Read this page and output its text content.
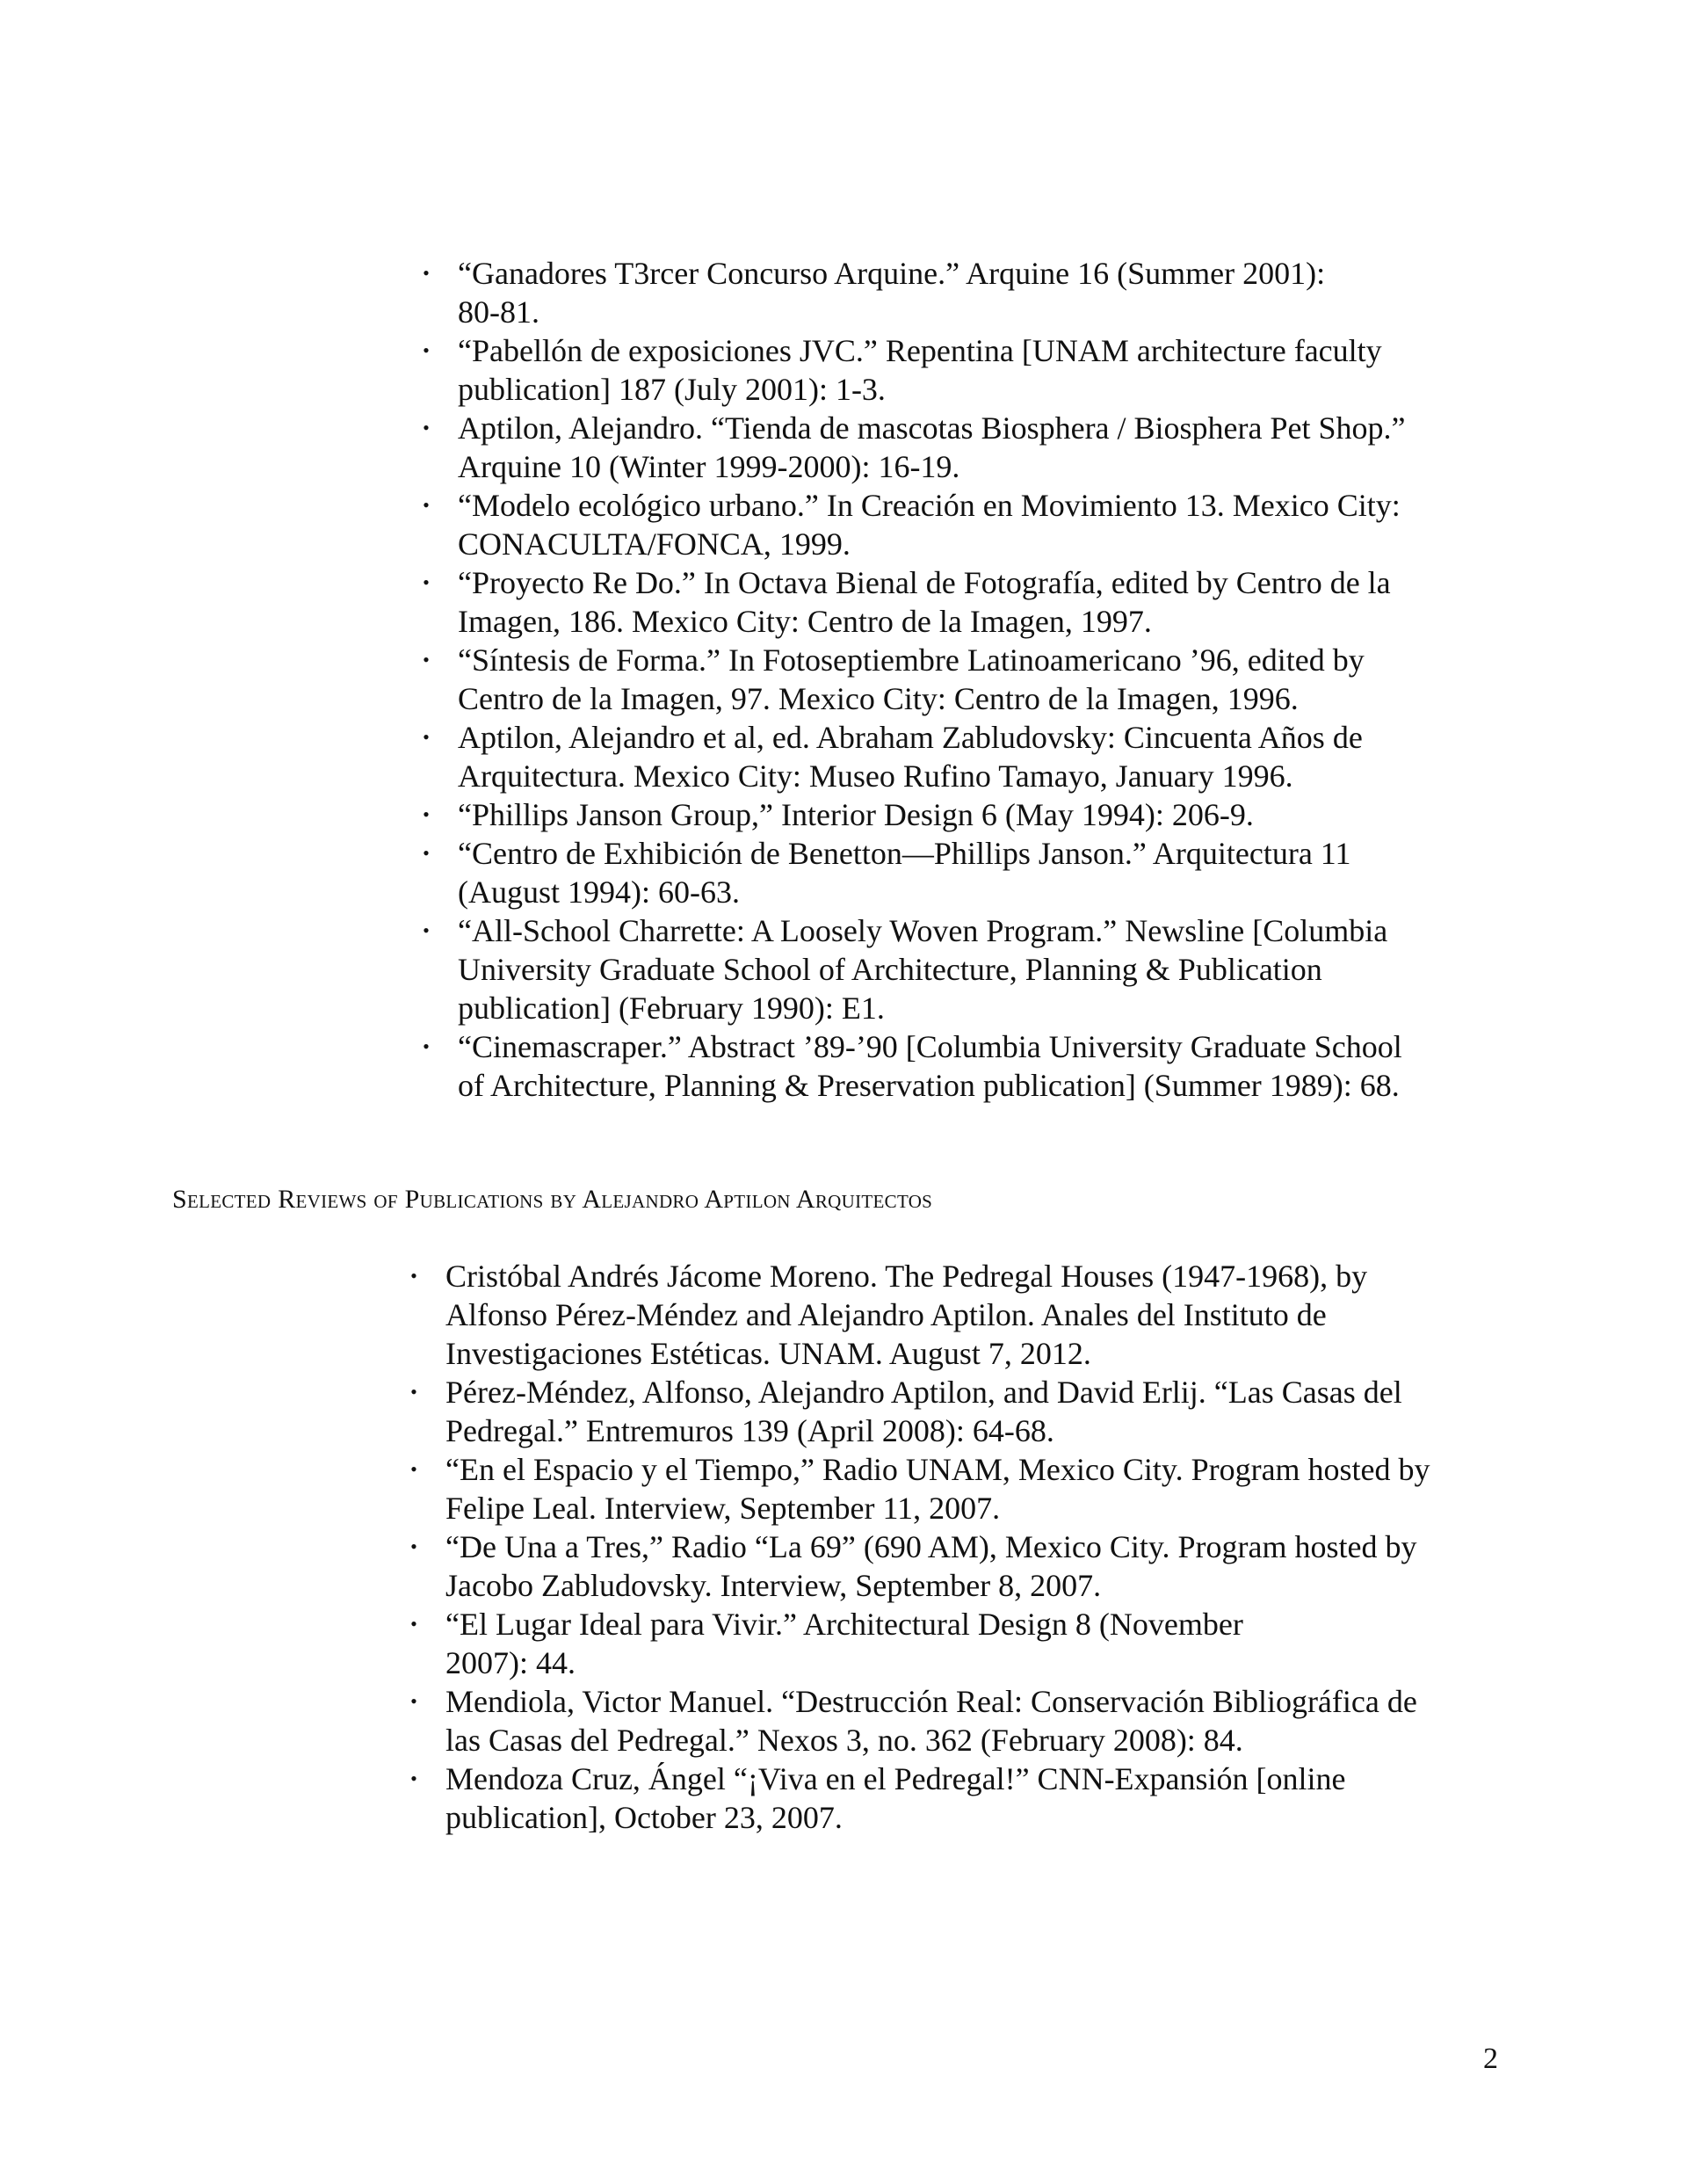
• “Ganadores T3rcer Concurso Arquine.” Arquine 16 (Summer 2001):
80-81.
• “Pabellón de exposiciones JVC.” Repentina [UNAM architecture faculty
publication] 187 (July 2001): 1-3.
• Aptilon, Alejandro. “Tienda de mascotas Biosphera / Biosphera Pet Shop.”
Arquine 10 (Winter 1999-2000): 16-19.
• “Modelo ecológico urbano.” In Creación en Movimiento 13. Mexico City:
CONACULTA/FONCA, 1999.
• “Proyecto Re Do.” In Octava Bienal de Fotografía, edited by Centro de la
Imagen, 186. Mexico City: Centro de la Imagen, 1997.
• “Síntesis de Forma.” In Fotoseptiembre Latinoamericano ’96, edited by
Centro de la Imagen, 97. Mexico City: Centro de la Imagen, 1996.
• Aptilon, Alejandro et al, ed. Abraham Zabludovsky: Cincuenta Años de
Arquitectura. Mexico City: Museo Rufino Tamayo, January 1996.
• “Phillips Janson Group,” Interior Design 6 (May 1994): 206-9.
• “Centro de Exhibición de Benetton—Phillips Janson.” Arquitectura 11
(August 1994): 60-63.
• “All-School Charrette: A Loosely Woven Program.” Newsline [Columbia
University Graduate School of Architecture, Planning & Publication
publication] (February 1990): E1.
• “Cinemascraper.” Abstract ’89-’90 [Columbia University Graduate School
of Architecture, Planning & Preservation publication] (Summer 1989): 68.
Selected Reviews of Publications by Alejandro Aptilon Arquitectos
• Cristóbal Andrés Jácome Moreno. The Pedregal Houses (1947-1968), by
Alfonso Pérez-Méndez and Alejandro Aptilon. Anales del Instituto de
Investigaciones Estéticas. UNAM. August 7, 2012.
• Pérez-Méndez, Alfonso, Alejandro Aptilon, and David Erlij. “Las Casas del
Pedregal.” Entremuros 139 (April 2008): 64-68.
• “En el Espacio y el Tiempo,” Radio UNAM, Mexico City. Program hosted by
Felipe Leal. Interview, September 11, 2007.
• “De Una a Tres,” Radio “La 69” (690 AM), Mexico City. Program hosted by
Jacobo Zabludovsky. Interview, September 8, 2007.
• “El Lugar Ideal para Vivir.” Architectural Design 8 (November
2007): 44.
• Mendiola, Victor Manuel. “Destrucción Real: Conservación Bibliográfica de
las Casas del Pedregal.” Nexos 3, no. 362 (February 2008): 84.
• Mendoza Cruz, Ángel “¡Viva en el Pedregal!” CNN-Expansión [online
publication], October 23, 2007.
2
